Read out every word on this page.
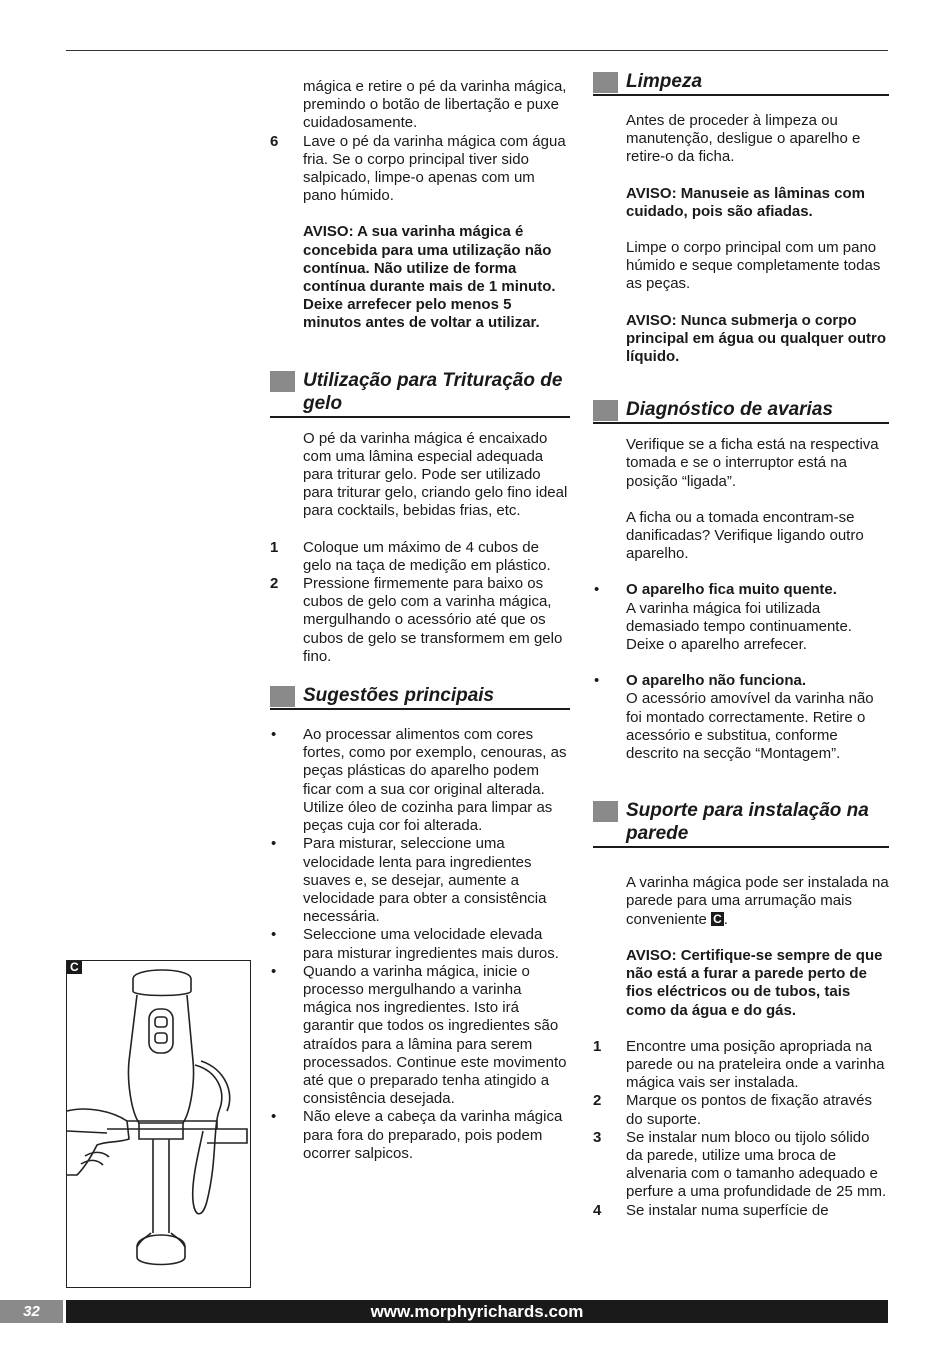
mágica e retire o pé da varinha mágica, premindo o botão de libertação e puxe cuidadosamente.

6 Lave o pé da varinha mágica com água fria. Se o corpo principal tiver sido salpicado, limpe-o apenas com um pano húmido.

AVISO: A sua varinha mágica é concebida para uma utilização não contínua. Não utilize de forma contínua durante mais de 1 minuto. Deixe arrefecer pelo menos 5 minutos antes de voltar a utilizar.

Utilização para Trituração de gelo

O pé da varinha mágica é encaixado com uma lâmina especial adequada para triturar gelo. Pode ser utilizado para triturar gelo, criando gelo fino ideal para cocktails, bebidas frias, etc.

1 Coloque um máximo de 4 cubos de gelo na taça de medição em plástico.
2 Pressione firmemente para baixo os cubos de gelo com a varinha mágica, mergulhando o acessório até que os cubos de gelo se transformem em gelo fino.
Sugestões principais
• Ao processar alimentos com cores fortes, como por exemplo, cenouras, as peças plásticas do aparelho podem ficar com a sua cor original alterada. Utilize óleo de cozinha para limpar as peças cuja cor foi alterada.
• Para misturar, seleccione uma velocidade lenta para ingredientes suaves e, se desejar, aumente a velocidade para obter a consistência necessária.
• Seleccione uma velocidade elevada para misturar ingredientes mais duros.
• Quando a varinha mágica, inicie o processo mergulhando a varinha mágica nos ingredientes. Isto irá garantir que todos os ingredientes são atraídos para a lâmina para serem processados. Continue este movimento até que o preparado tenha atingido a consistência desejada.
• Não eleve a cabeça da varinha mágica para fora do preparado, pois podem ocorrer salpicos.
Limpeza

Antes de proceder à limpeza ou manutenção, desligue o aparelho e retire-o da ficha.

AVISO: Manuseie as lâminas com cuidado, pois são afiadas.

Limpe o corpo principal com um pano húmido e seque completamente todas as peças.

AVISO: Nunca submerja o corpo principal em água ou qualquer outro líquido.

Diagnóstico de avarias

Verifique se a ficha está na respectiva tomada e se o interruptor está na posição “ligada”.

A ficha ou a tomada encontram-se danificadas? Verifique ligando outro aparelho.

• O aparelho fica muito quente.
A varinha mágica foi utilizada demasiado tempo continuamente. Deixe o aparelho arrefecer.
• O aparelho não funciona.
O acessório amovível da varinha não foi montado correctamente. Retire o acessório e substitua, conforme descrito na secção “Montagem”.
Suporte para instalação na parede

A varinha mágica pode ser instalada na parede para uma arrumação mais conveniente C .

AVISO: Certifique-se sempre de que não está a furar a parede perto de fios eléctricos ou de tubos, tais como da água e do gás.

1 Encontre uma posição apropriada na parede ou na prateleira onde a varinha mágica vais ser instalada.
2 Marque os pontos de fixação através do suporte.
3 Se instalar num bloco ou tijolo sólido da parede, utilize uma broca de alvenaria com o tamanho adequado e perfure a uma profundidade de 25 mm.
4 Se instalar numa superfície de
C
32	www.morphyrichards.com
